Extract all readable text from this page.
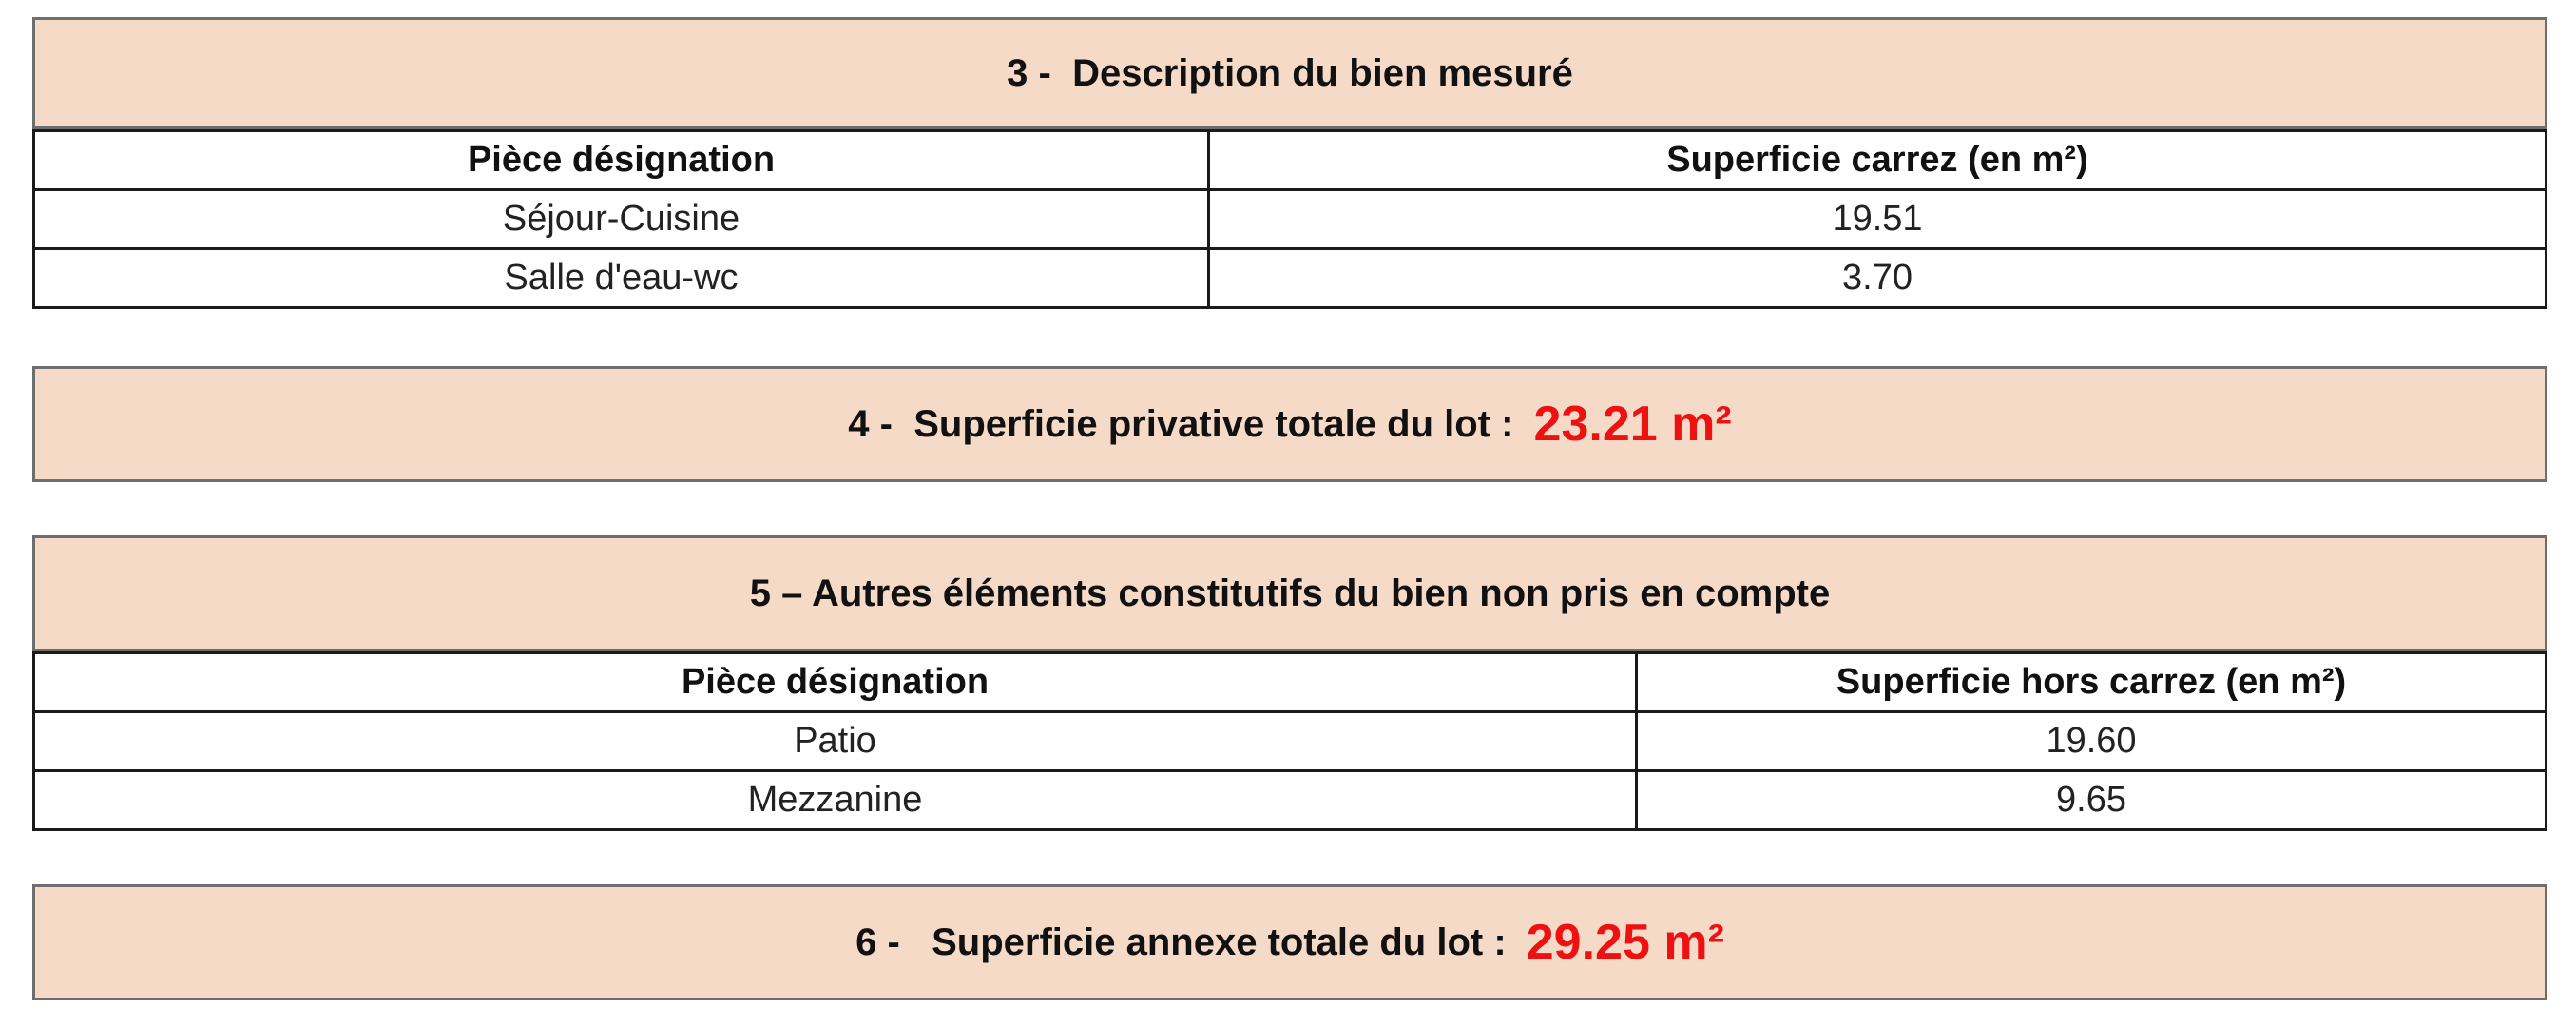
3 -  Description du bien mesuré
Pièce désignation	Superficie carrez (en m²)
Séjour-Cuisine	19.51
Salle d'eau-wc	3.70
4 -  Superficie privative totale du lot : 23.21 m²
5 – Autres éléments constitutifs du bien non pris en compte
Pièce désignation	Superficie hors carrez (en m²)
Patio	19.60
Mezzanine	9.65
6 -   Superficie annexe totale du lot : 29.25 m²
